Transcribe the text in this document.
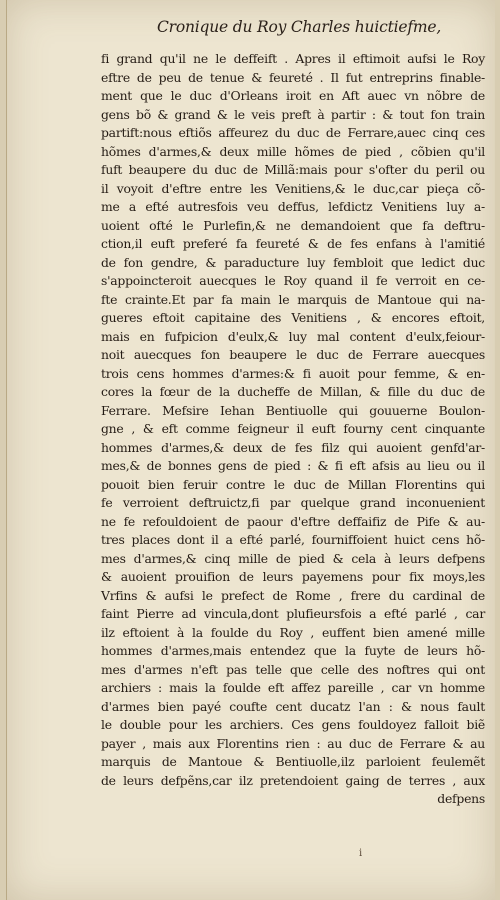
Cronique du Roy Charles huictiefme,
fi grand qu'il ne le deffeift . Apres il eftimoit aufsi le Roy
eftre de peu de tenue & feureté . Il fut entreprins finable-
ment que le duc d'Orleans iroit en Aft auec vn nõbre de
gens bõ & grand & le veis preft à partir : & tout fon train
partift:nous eftiõs affeurez du duc de Ferrare,auec cinq ces
hõmes d'armes,& deux mille hõmes de pied , cõbien qu'il
fuft beaupere du duc de Millã:mais pour s'ofter du peril ou
il voyoit d'eftre entre les Venitiens,& le duc,car pieça cõ-
me a efté autresfois veu deffus, lefdictz Venitiens luy a-
uoient ofté le Purlefin,& ne demandoient que fa deftru-
ction,il euft preferé fa feureté & de fes enfans à l'amitié
de fon gendre, & paraducture luy fembloit que ledict duc
s'appoincteroit auecques le Roy quand il fe verroit en ce-
fte crainte.Et par fa main le marquis de Mantoue qui na-
gueres eftoit capitaine des Venitiens , & encores eftoit,
mais en fufpicion d'eulx,& luy mal content d'eulx,feiour-
noit auecques fon beaupere le duc de Ferrare auecques
trois cens hommes d'armes:& fi auoit pour femme, & en-
cores la fœur de la ducheffe de Millan, & fille du duc de
Ferrare. Mefsire Iehan Bentiuolle qui gouuerne Boulon-
gne , & eft comme feigneur il euft fourny cent cinquante
hommes d'armes,& deux de fes filz qui auoient genfd'ar-
mes,& de bonnes gens de pied : & fi eft afsis au lieu ou il
pouoit bien feruir contre le duc de Millan Florentins qui
fe verroient deftruictz,fi par quelque grand inconuenient
ne fe refouldoient de paour d'eftre deffaifiz de Pife & au-
tres places dont il a efté parlé, fourniffoient huict cens hõ-
mes d'armes,& cinq mille de pied & cela à leurs defpens
& auoient prouifion de leurs payemens pour fix moys,les
Vrfins & aufsi le prefect de Rome , frere du cardinal de
faint Pierre ad vincula,dont plufieursfois a efté parlé , car
ilz eftoient à la foulde du Roy , euffent bien amené mille
hommes d'armes,mais entendez que la fuyte de leurs hõ-
mes d'armes n'eft pas telle que celle des noftres qui ont
archiers : mais la foulde eft affez pareille , car vn homme
d'armes bien payé coufte cent ducatz l'an : & nous fault
le double pour les archiers. Ces gens fouldoyez falloit biẽ
payer , mais aux Florentins rien : au duc de Ferrare & au
marquis de Mantoue & Bentiuolle,ilz parloient feulemẽt
de leurs defpẽns,car ilz pretendoient gaing de terres , aux
defpens
i
